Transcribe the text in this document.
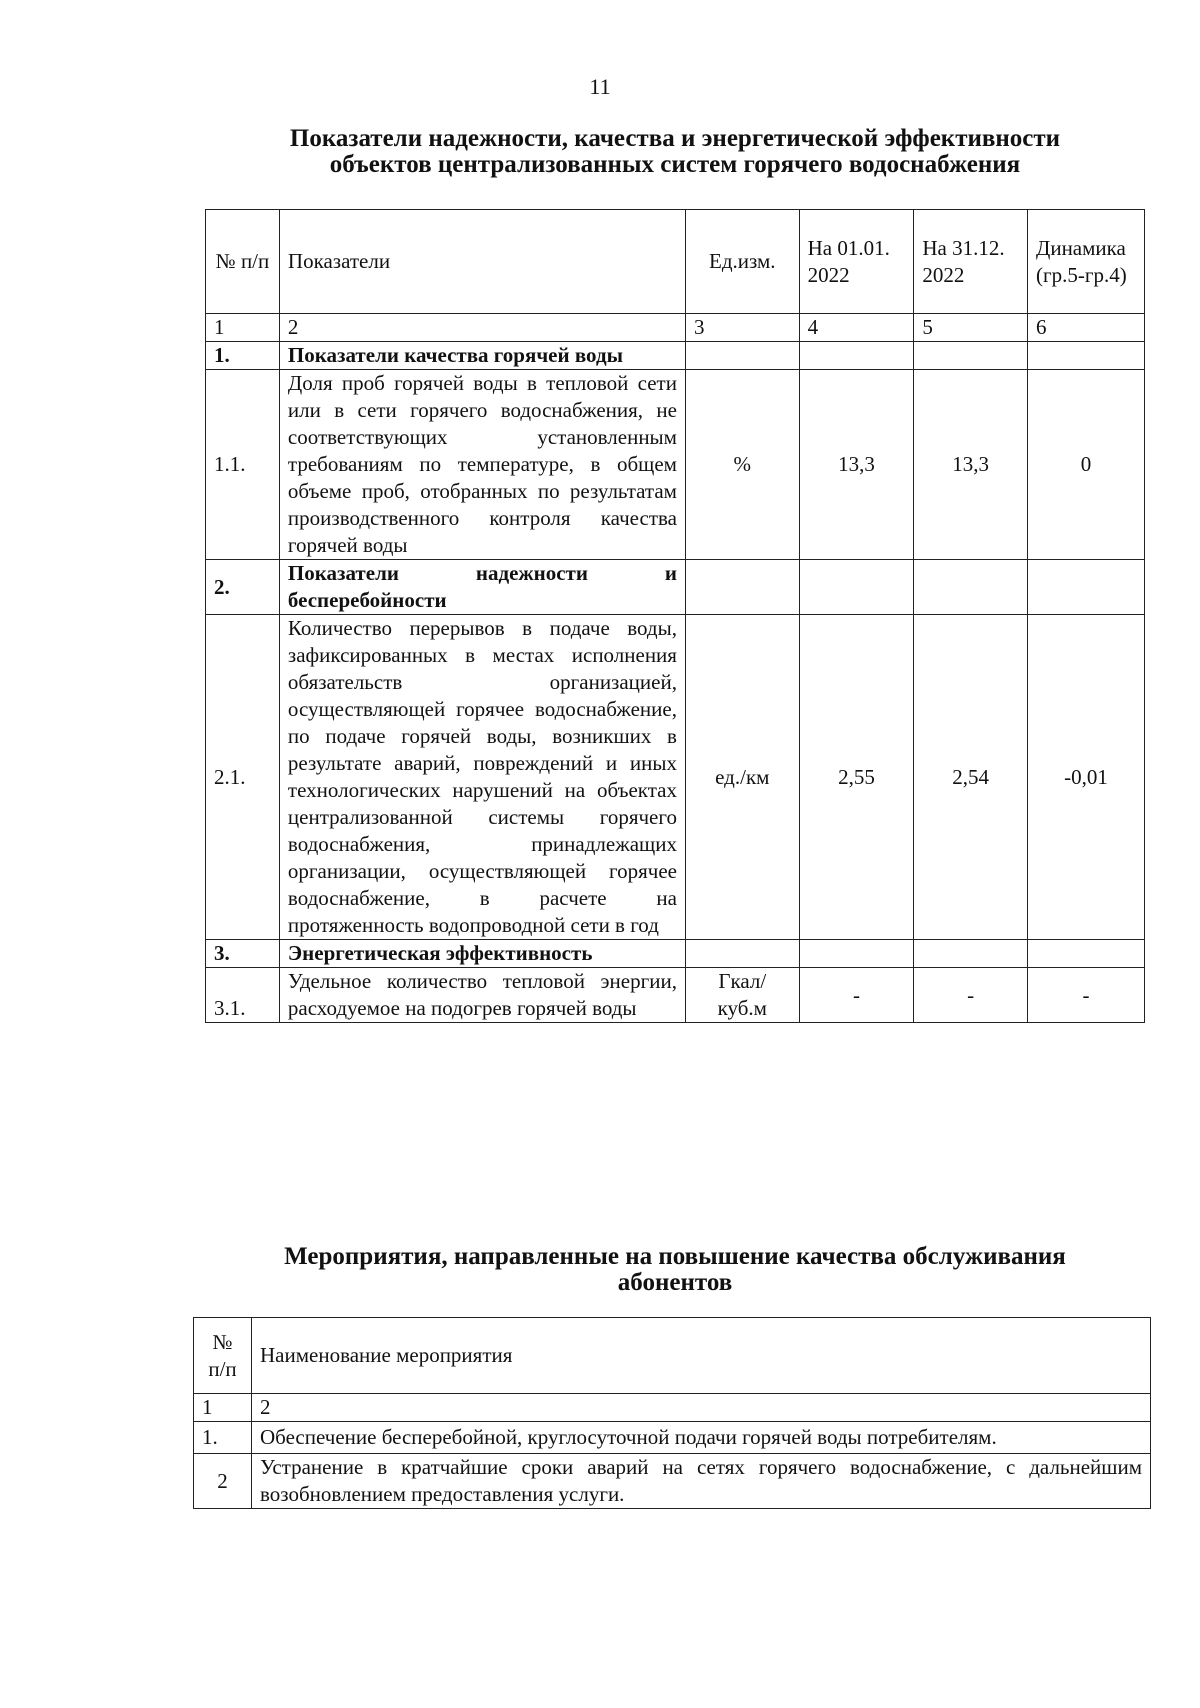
11
Показатели надежности, качества и энергетической эффективности
объектов централизованных систем горячего водоснабжения
№ п/п	Показатели	Ед.изм.	На 01.01. 2022	На 31.12. 2022	Динамика (гр.5-гр.4)
1	2	3	4	5	6
1.	Показатели качества горячей воды				
1.1.	Доля проб горячей воды в тепловой сети или в сети горячего водоснабжения, не соответствующих установленным требованиям по температуре, в общем объеме проб, отобранных по результатам производственного контроля качества горячей воды	%	13,3	13,3	0
2.	Показатели надежности и бесперебойности				
2.1.	Количество перерывов в подаче воды, зафиксированных в местах исполнения обязательств организацией, осуществляющей горячее водоснабжение, по подаче горячей воды, возникших в результате аварий, повреждений и иных технологических нарушений на объектах централизованной системы горячего водоснабжения, принадлежащих организации, осуществляющей горячее водоснабжение, в расчете на протяженность водопроводной сети в год	ед./км	2,55	2,54	-0,01
3.	Энергетическая эффективность				
3.1.	Удельное количество тепловой энергии, расходуемое на подогрев горячей воды	Гкал/куб.м	-	-	-
Мероприятия, направленные на повышение качества обслуживания
абонентов
№ п/п	Наименование мероприятия
1	2
1.	Обеспечение бесперебойной, круглосуточной подачи горячей воды потребителям.
2	Устранение в кратчайшие сроки аварий на сетях горячего водоснабжение, с дальнейшим возобновлением предоставления услуги.
